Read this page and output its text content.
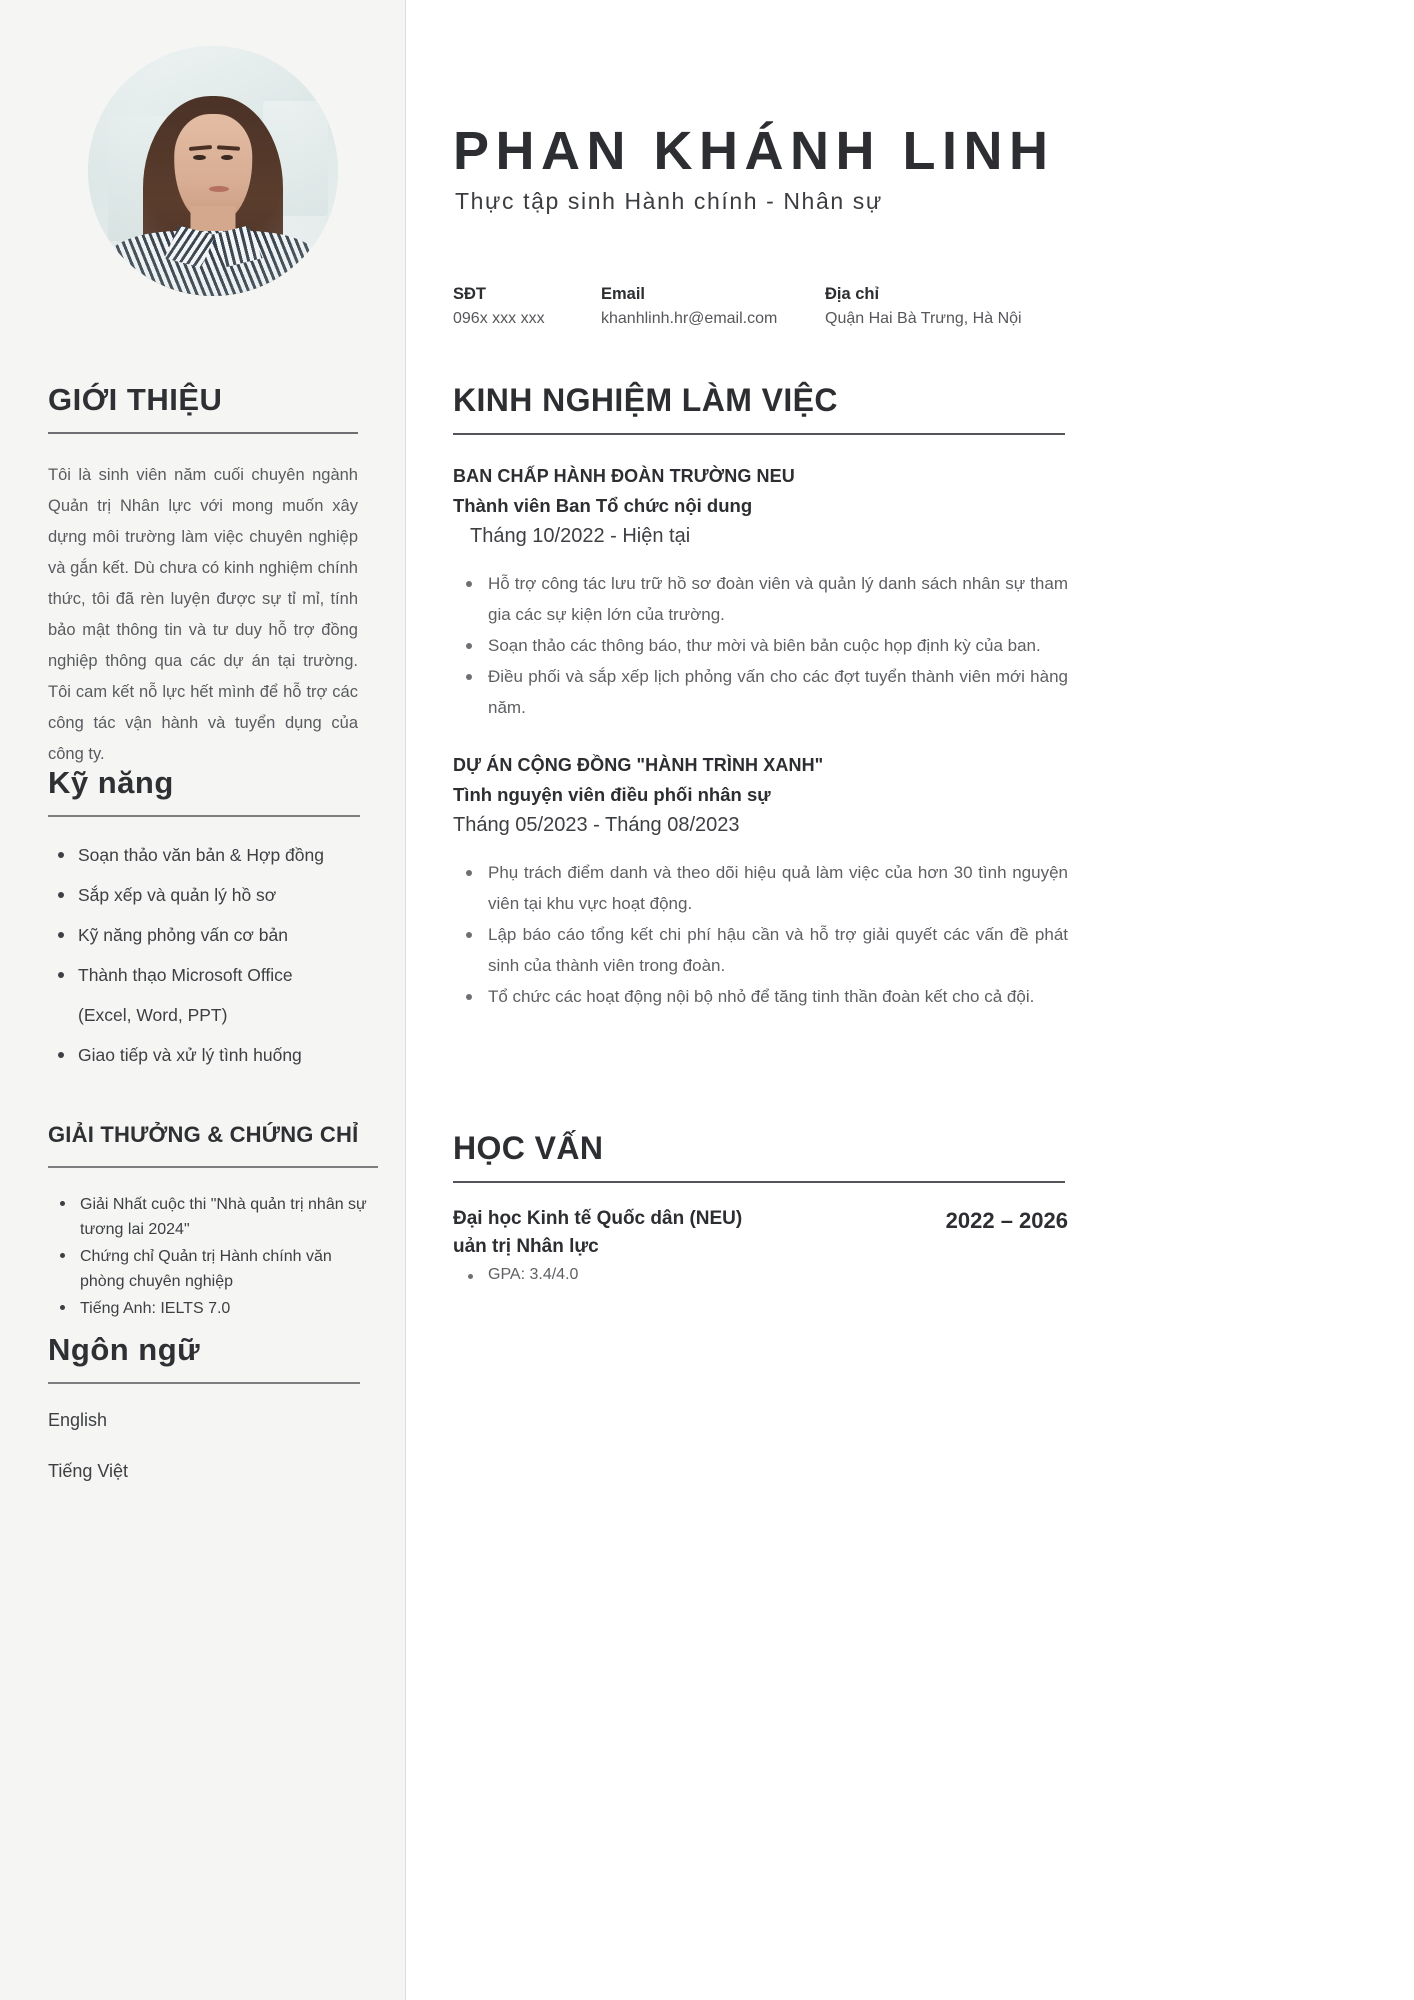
GIỚI THIỆU

Tôi là sinh viên năm cuối chuyên ngành Quản trị Nhân lực với mong muốn xây dựng môi trường làm việc chuyên nghiệp và gắn kết. Dù chưa có kinh nghiệm chính thức, tôi đã rèn luyện được sự tỉ mỉ, tính bảo mật thông tin và tư duy hỗ trợ đồng nghiệp thông qua các dự án tại trường. Tôi cam kết nỗ lực hết mình để hỗ trợ các công tác vận hành và tuyển dụng của công ty.

Kỹ năng
Soạn thảo văn bản & Hợp đồng
Sắp xếp và quản lý hồ sơ
Kỹ năng phỏng vấn cơ bản
Thành thạo Microsoft Office
(Excel, Word, PPT)
Giao tiếp và xử lý tình huống
GIẢI THƯỞNG & CHỨNG CHỈ
Giải Nhất cuộc thi "Nhà quản trị nhân sự tương lai 2024"
Chứng chỉ Quản trị Hành chính văn phòng chuyên nghiệp
Tiếng Anh: IELTS 7.0
Ngôn ngữ
English
Tiếng Việt
PHAN KHÁNH LINH
Thực tập sinh Hành chính - Nhân sự
SĐT
096x xxx xxx
Email
khanhlinh.hr@email.com
Địa chỉ
Quận Hai Bà Trưng, Hà Nội
KINH NGHIỆM LÀM VIỆC
BAN CHẤP HÀNH ĐOÀN TRƯỜNG NEU
Thành viên Ban Tổ chức nội dung
Tháng 10/2022 - Hiện tại
Hỗ trợ công tác lưu trữ hồ sơ đoàn viên và quản lý danh sách nhân sự tham gia các sự kiện lớn của trường.
Soạn thảo các thông báo, thư mời và biên bản cuộc họp định kỳ của ban.
Điều phối và sắp xếp lịch phỏng vấn cho các đợt tuyển thành viên mới hàng năm.
DỰ ÁN CỘNG ĐỒNG "HÀNH TRÌNH XANH"
Tình nguyện viên điều phối nhân sự
Tháng 05/2023 - Tháng 08/2023
Phụ trách điểm danh và theo dõi hiệu quả làm việc của hơn 30 tình nguyện viên tại khu vực hoạt động.
Lập báo cáo tổng kết chi phí hậu cần và hỗ trợ giải quyết các vấn đề phát sinh của thành viên trong đoàn.
Tổ chức các hoạt động nội bộ nhỏ để tăng tinh thần đoàn kết cho cả đội.
HỌC VẤN
Đại học Kinh tế Quốc dân (NEU)
uản trị Nhân lực
2022 – 2026
GPA: 3.4/4.0
